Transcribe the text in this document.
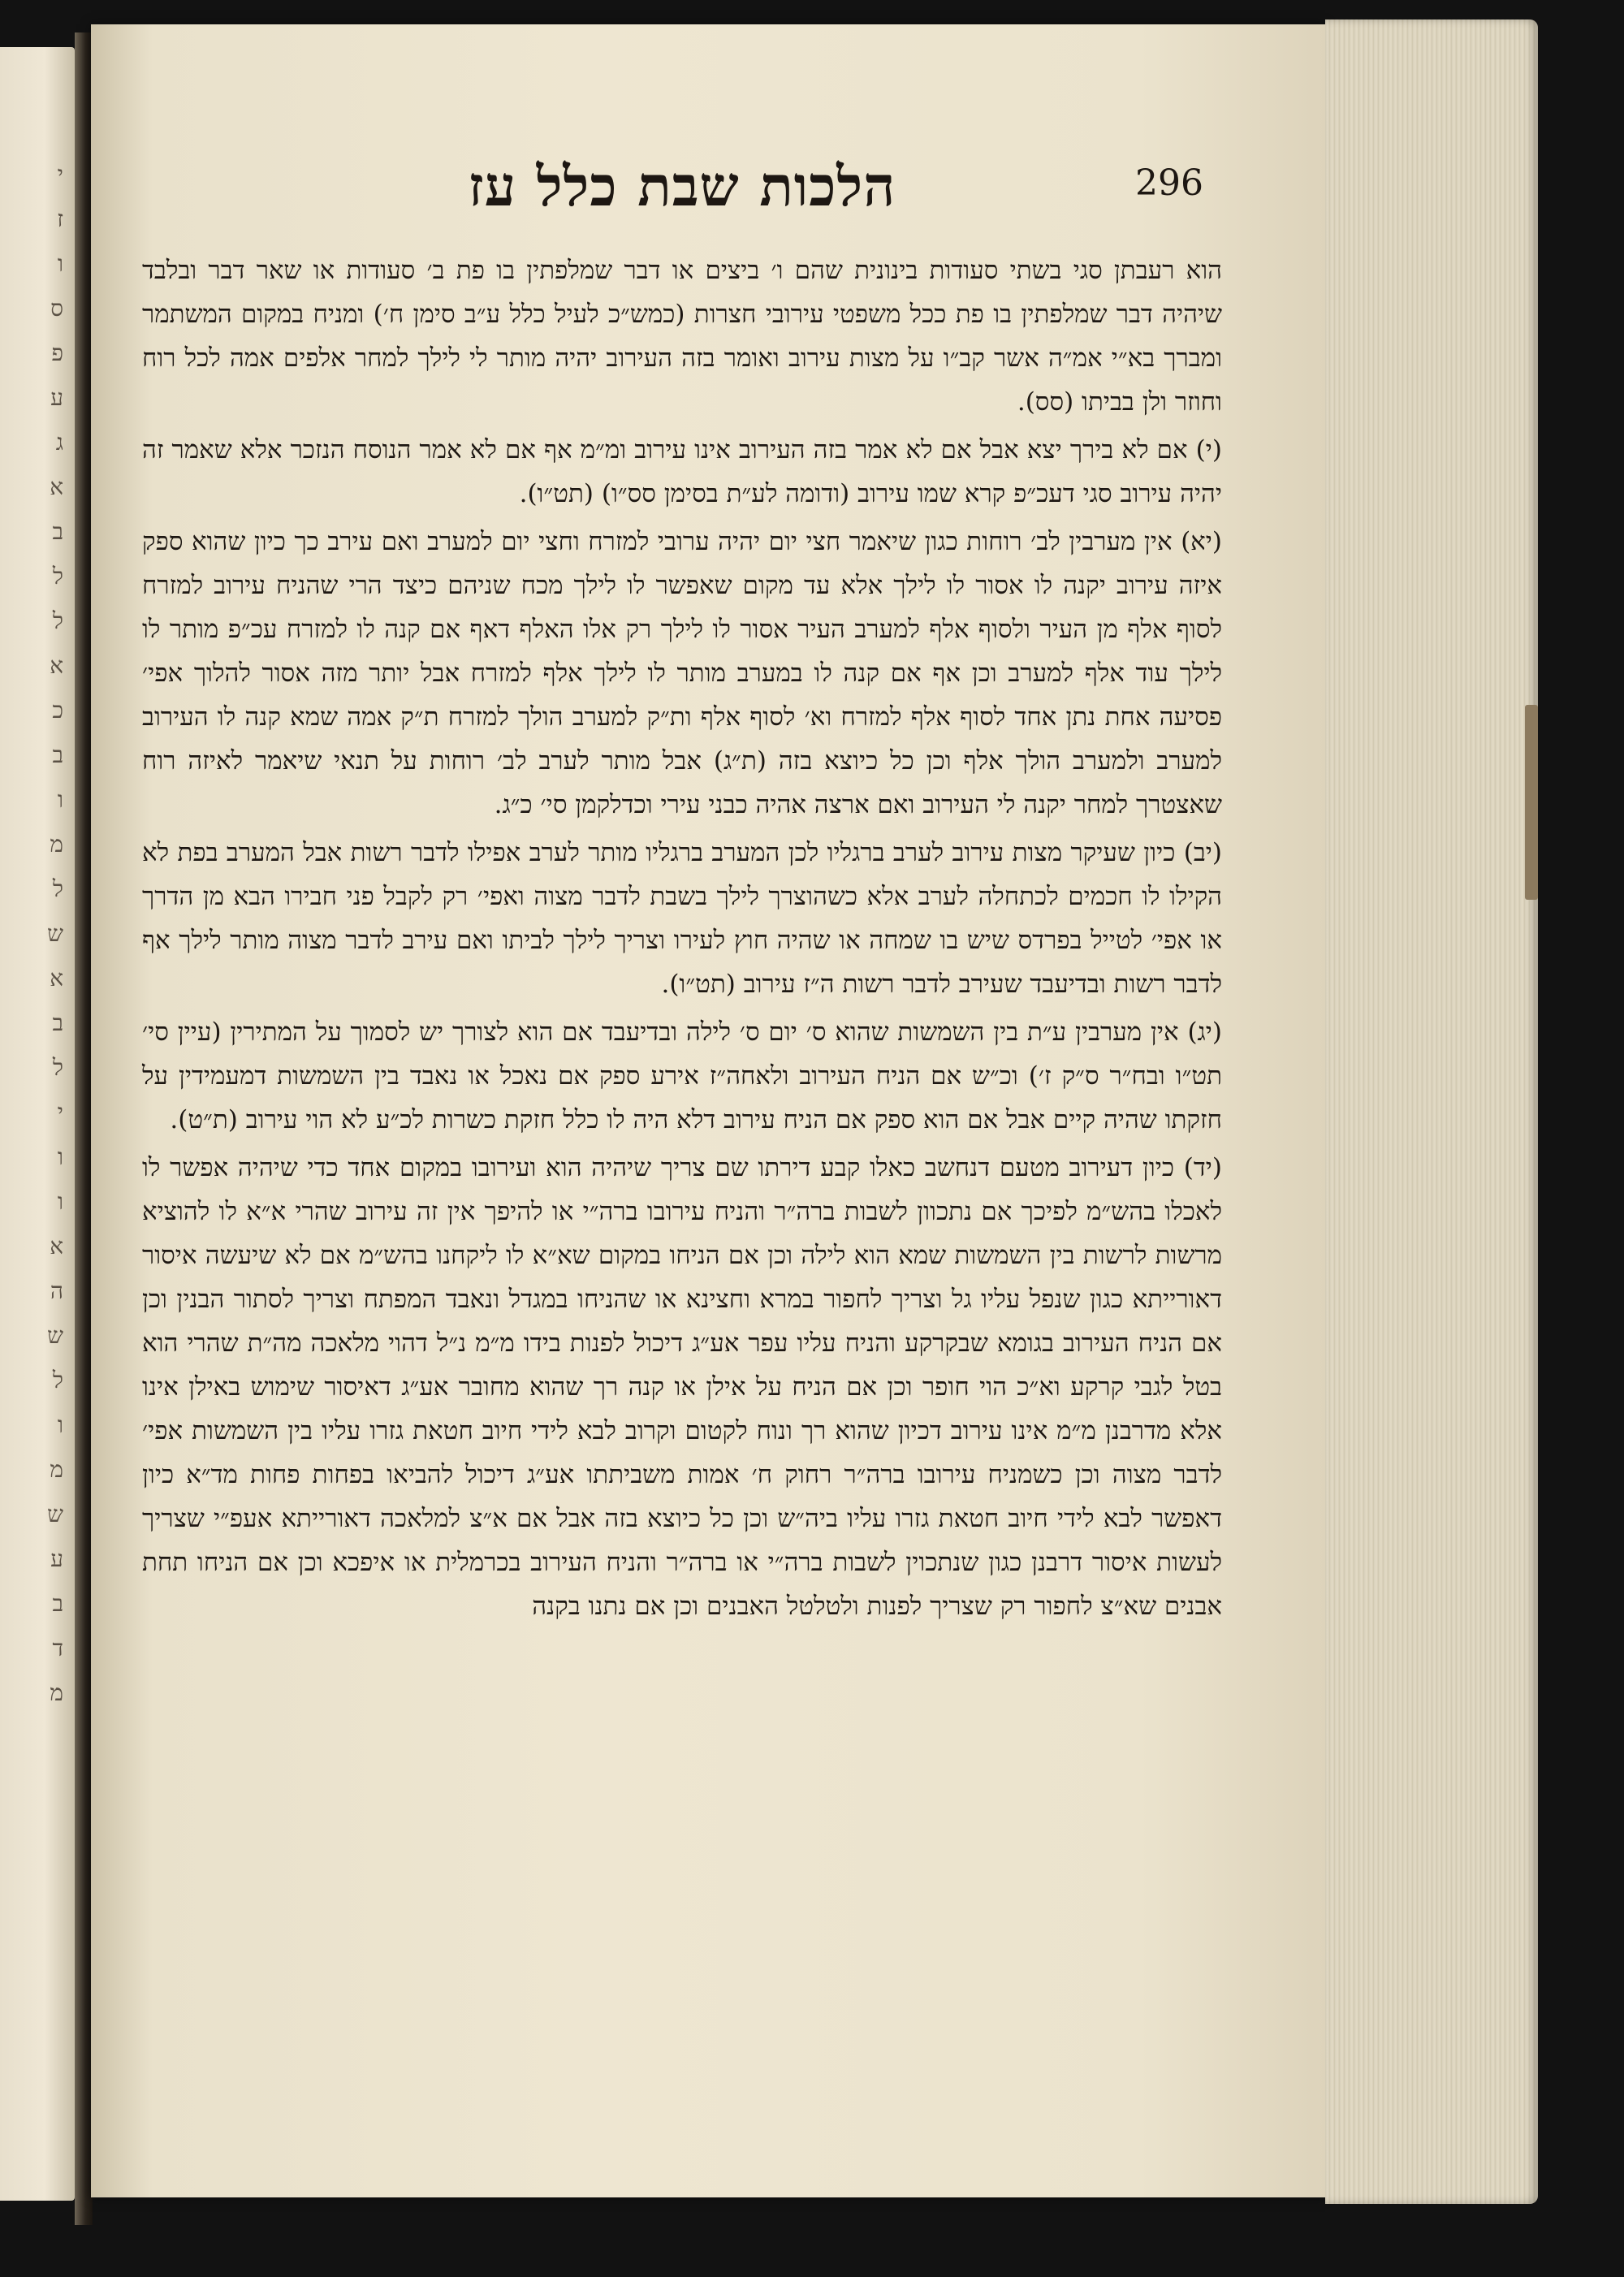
י
ז
ו
ס
פ
ע
ג
א
ב
ל
ל
א
כ
ב
ו
מ
ל
ש
א
ב
ל
י
ו
ו
א
ה
ש
ל
ו
מ
ש
ע
ב
ד
מ
הלכות שבת כלל עז	296

הוא רעבתן סגי בשתי סעודות בינונית שהם ו׳ ביצים או דבר שמלפתין בו פת ב׳ סעודות או שאר דבר ובלבד שיהיה דבר שמלפתין בו פת ככל משפטי עירובי חצרות (כמש״כ לעיל כלל ע״ב סימן ח׳) ומניח במקום המשתמר ומברך בא״י אמ״ה אשר קב״ו על מצות עירוב ואומר בזה העירוב יהיה מותר לי לילך למחר אלפים אמה לכל רוח וחוזר ולן בביתו (סס).

(י) אם לא בירך יצא אבל אם לא אמר בזה העירוב אינו עירוב ומ״מ אף אם לא אמר הנוסח הנזכר אלא שאמר זה יהיה עירוב סגי דעכ״פ קרא שמו עירוב (ודומה לע״ת בסימן סס״ו) (תט״ו).

(יא) אין מערבין לב׳ רוחות כגון שיאמר חצי יום יהיה ערובי למזרח וחצי יום למערב ואם עירב כך כיון שהוא ספק איזה עירוב יקנה לו אסור לו לילך אלא עד מקום שאפשר לו לילך מכח שניהם כיצד הרי שהניח עירוב למזרח לסוף אלף מן העיר ולסוף אלף למערב העיר אסור לו לילך רק אלו האלף דאף אם קנה לו למזרח עכ״פ מותר לו לילך עוד אלף למערב וכן אף אם קנה לו במערב מותר לו לילך אלף למזרח אבל יותר מזה אסור להלוך אפי׳ פסיעה אחת נתן אחד לסוף אלף למזרח וא׳ לסוף אלף ות״ק למערב הולך למזרח ת״ק אמה שמא קנה לו העירוב למערב ולמערב הולך אלף וכן כל כיוצא בזה (ת״ג) אבל מותר לערב לב׳ רוחות על תנאי שיאמר לאיזה רוח שאצטרך למחר יקנה לי העירוב ואם ארצה אהיה כבני עירי וכדלקמן סי׳ כ״ג.

(יב) כיון שעיקר מצות עירוב לערב ברגליו לכן המערב ברגליו מותר לערב אפילו לדבר רשות אבל המערב בפת לא הקילו לו חכמים לכתחלה לערב אלא כשהוצרך לילך בשבת לדבר מצוה ואפי׳ רק לקבל פני חבירו הבא מן הדרך או אפי׳ לטייל בפרדס שיש בו שמחה או שהיה חוץ לעירו וצריך לילך לביתו ואם עירב לדבר מצוה מותר לילך אף לדבר רשות ובדיעבד שעירב לדבר רשות ה״ז עירוב (תט״ו).

(יג) אין מערבין ע״ת בין השמשות שהוא ס׳ יום ס׳ לילה ובדיעבד אם הוא לצורך יש לסמוך על המתירין (עיין סי׳ תט״ו ובח״ר ס״ק ז׳) וכ״ש אם הניח העירוב ולאחה״ז אירע ספק אם נאכל או נאבד בין השמשות דמעמידין על חזקתו שהיה קיים אבל אם הוא ספק אם הניח עירוב דלא היה לו כלל חזקת כשרות לכ״ע לא הוי עירוב (ת״ט).

(יד) כיון דעירוב מטעם דנחשב כאלו קבע דירתו שם צריך שיהיה הוא ועירובו במקום אחד כדי שיהיה אפשר לו לאכלו בהש״מ לפיכך אם נתכוון לשבות ברה״ר והניח עירובו ברה״י או להיפך אין זה עירוב שהרי א״א לו להוציא מרשות לרשות בין השמשות שמא הוא לילה וכן אם הניחו במקום שא״א לו ליקחנו בהש״מ אם לא שיעשה איסור דאורייתא כגון שנפל עליו גל וצריך לחפור במרא וחצינא או שהניחו במגדל ונאבד המפתח וצריך לסתור הבנין וכן אם הניח העירוב בגומא שבקרקע והניח עליו עפר אע״ג דיכול לפנות בידו מ״מ נ״ל דהוי מלאכה מה״ת שהרי הוא בטל לגבי קרקע וא״כ הוי חופר וכן אם הניח על אילן או קנה רך שהוא מחובר אע״ג דאיסור שימוש באילן אינו אלא מדרבנן מ״מ אינו עירוב דכיון שהוא רך ונוח לקטום וקרוב לבא לידי חיוב חטאת גזרו עליו בין השמשות אפי׳ לדבר מצוה וכן כשמניח עירובו ברה״ר רחוק ח׳ אמות משביתתו אע״ג דיכול להביאו בפחות פחות מד״א כיון דאפשר לבא לידי חיוב חטאת גזרו עליו ביה״ש וכן כל כיוצא בזה אבל אם א״צ למלאכה דאורייתא אעפ״י שצריך לעשות איסור דרבנן כגון שנתכוין לשבות ברה״י או ברה״ר והניח העירוב בכרמלית או איפכא וכן אם הניחו תחת אבנים שא״צ לחפור רק שצריך לפנות ולטלטל האבנים וכן אם נתנו בקנה
